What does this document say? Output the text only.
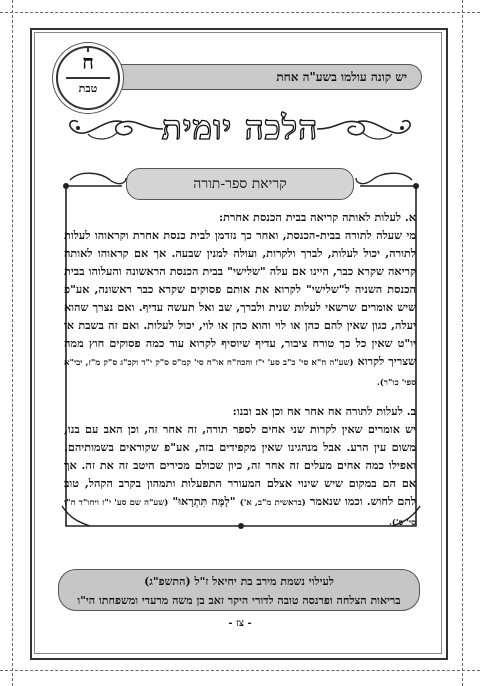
יש קונה עולמו בשע"ה אחת
ח
טבת
הלכה יומית
קריאת ספר-תורה

א. לעלות לאותה קריאה בבית הכנסת אחרת:

מי שעלה לתורה בבית-הכנסת, ואחר כך נזדמן לבית כנסת אחרת וקראוהו לעלות לתורה, יכול לעלות, לברך ולקרות, ועולה למנין שבעה. אך אם קראוהו לאותה קריאה שקרא כבר, היינו אם עלה "שלישי" בבית הכנסת הראשונה והעלוהו בבית הכנסת השניה ל"שלישי" לקרוא את אותם פסוקים שקרא כבר ראשונה, אע"פ שיש אומרים שרשאי לעלות שנית ולברך, שב ואל תעשה עדיף. ואם נצרך שהוא יעלה, כגון שאין להם כהן או לוי והוא כהן או לוי, יכול לעלות. ואם זה בשבת או יו"ט שאין כל כך טורח ציבור, עדיף שיוסיף לקרוא עוד כמה פסוקים חוץ ממה שצריך לקרוא (שע"ה ח"א סי' כ"ב סע' י"ז והכה"ח או"ח סי' קמ"ס ס"ק י"ד וקכ"ג ס"ק מ"ז, יבי"א ספי' כו"ר).

ב. לעלות לתורה אח אחר אח וכן אב ובנו:

יש אומרים שאין לקרות שני אחים לספר תורה, זה אחר זה, וכן האב עם בנו, משום עין הרע. אבל מנהגינו שאין מקפידים בזה, אע"פ שקוראים בשמותיהם. ואפילו כמה אחים מעלים זה אחר זה, כיון שכולם מכירים היטב זה את זה. אך אם הם במקום שיש שינוי אצלם המעורר התפעלות ותמהון בקרב הקהל, טוב להם לחוש. וכמו שנאמר (בראשית מ"ב, א') "לָמָּה תִּתְרָאוּ" (שע"ה שם סע' י"ז ויחו"ד ח"ו סי' ס').

לעילוי נשמת מירב בת יחיאל ז"ל (התשפ"ג)
בריאות הצלחה ופרנסה טובה לדורי היקר זאב בן משה מרעדי ומשפחתו הי"ו
- צז -
